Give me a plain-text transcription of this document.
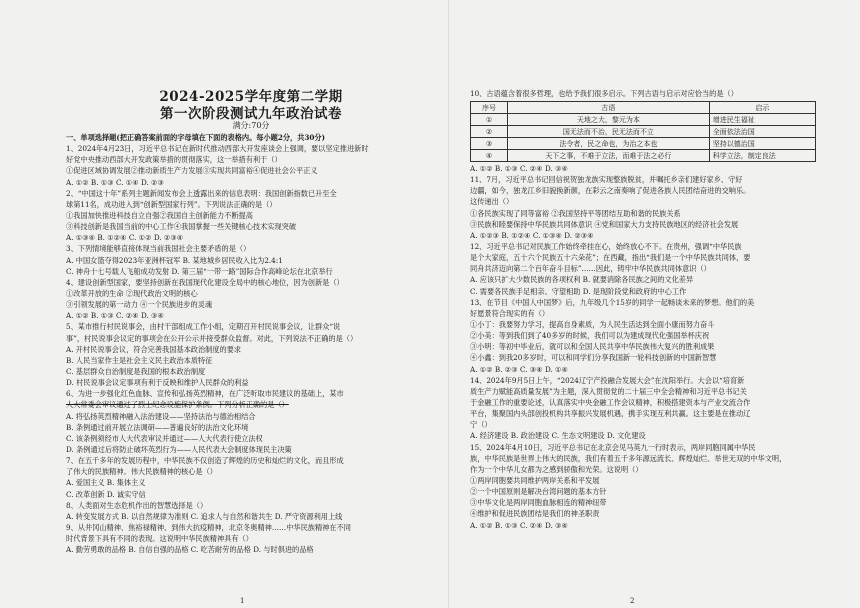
2024-2025学年度第二学期
第一次阶段测试九年政治试卷
满分:70分
一、单项选择题(把正确答案前面的字母填在下面的表格内。每小题2分，共30分)
1、2024年4月23日，习近平总书记在新时代推动西部大开发座谈会上强调，要以坚定推进新时
好党中央推动西部大开发政策举措的贯彻落实，这一举措有利于（）
①促进区域协调发展②推动新质生产力发展③实现共同富裕④促进社会公平正义
A. ①② B. ①③ C. ①④ D. ②③
2、“中国这十年”系列主题新闻发布会上透露出来的信息表明：我国创新指数已升至全
球第11名，成功进入到“创新型国家行列”。下列说法正确的是（）
①我国加快推进科技自立自强②我国自主创新能力不断提高
③科技创新是我国当前的中心工作④我国掌握一些关键核心技术实现突破
A. ①③④ B. ①②④ C. ①② D. ②③④
3、下列情境能够直接体现当前我国社会主要矛盾的是（）
A. 中国女篮夺得2023年亚洲杯冠军 B. 某地城乡居民收入比为2.4:1
C. 神舟十七号载人飞船成功发射 D. 第三届“一带一路”国际合作高峰论坛在北京举行
4、建设创新型国家，要坚持创新在我国现代化建设全局中的核心地位，因为创新是（）
①改革开放的生命 ②现代政治文明的核心
③引领发展的第一动力 ④一个民族进步的灵魂
A. ①② B. ①③ C. ②④ D. ③④
5、某市推行村民说事会，由村干部组成工作小组，定期召开村民说事会议，让群众“说
事”，村民说事会议定的事项会在公开公示并接受群众监督。对此，下列说法不正确的是（）
A. 开村民说事会议，符合完善我国基本政治制度的要求
B. 人民当家作主是社会主义民主政治本质特征
C. 基层群众自治制度是我国的根本政治制度
D. 村民说事会议定事项有利于反映和维护人民群众的利益
6、为进一步强化红色血脉、宣传和弘扬英烈精神，在广泛听取市民建议的基础上，某市
人大常委会审议通过了烈士纪念设施保护条例。下列分析正确的是（）
A. 将弘扬英烈精神融入法治建设——坚持法治与德治相结合
B. 条例通过前开展立法调研——普遍良好的法治文化环境
C. 该条例须经市人大代表审议并通过——人大代表行使立法权
D. 条例通过后将防止破坏英烈行为——人民代表大会制度体现民主决策
7、在五千多年的发展历程中，中华民族不仅创造了辉煌的历史和灿烂的文化，而且形成
了伟大的民族精神。伟大民族精神的核心是（）
A. 爱国主义 B. 集体主义
C. 改革创新 D. 诚实守信
8、人类面对生态危机作出的智慧选择是（）
A. 转变发展方式 B. 以自然规律为准则 C. 追求人与自然和谐共生 D. 严守资源利用上线
9、从井冈山精神、焦裕禄精神、到伟大抗疫精神，北京冬奥精神……中华民族精神在不同
时代背景下具有不同的表现。这说明中华民族精神具有（）
A. 勤劳勇敢的品格 B. 自信自强的品格 C. 吃苦耐劳的品格 D. 与时俱进的品格
1
10、古语蕴含着很多哲理，也给予我们很多启示。下列古语与启示对应恰当的是（）
序号	古语	启示
①	天地之大，黎元为本	增进民生福祉
②	国无法而不治，民无法而不立	全面依法治国
③	法令者，民之命也，为治之本也	坚持以德治国
④	天下之事，不难于立法，而难于法之必行	科学立法，制定良法
A. ①② B. ①③ C. ②④ D. ③④
11、7月，习近平总书记回信祝贺独龙族实现整族脱贫，并嘱托乡亲们建好家乡、守好
边疆，如今，独龙江乡旧貌换新颜，在彩云之南奏响了促进各族人民团结奋进的交响乐。
这传递出（）
①各民族实现了同等富裕 ②我国坚持平等团结互助和谐的民族关系
③民族和睦要保持中华民族共同体意识 ④党和国家大力支持民族地区的经济社会发展
A. ①②③ B. ①②④ C. ①③④ D. ②③④
12、习近平总书记对民族工作始终牵挂在心，始终放心不下。在贵州，强调“中华民族
是个大家庭，五十六个民族五十六朵花”；在西藏，指出“我们是一个中华民族共同体，要
同舟共济迈向第二个百年奋斗目标”……因此，铸牢中华民族共同体意识（）
A. 应该只扩大少数民族的各项权利 B. 就要消除各民族之间的文化差异
C. 需要各民族手足相亲、守望相助 D. 是现阶段党和政府的中心工作
13、在节目《中国人中国梦》后，九年级几个15岁的同学一起畅谈未来的梦想。他们的美
好愿景符合现实的有（）
①小丁：我要努力学习，提高自身素质，为人民生活达到全面小康而努力奋斗
②小美：等到我们到了40多岁的时候，我们可以为建成现代化强国举杯庆祝
③小明：等初中毕业后，就可以和全国人民共享中华民族伟大复兴的胜利成果
④小鑫：到我20多岁时，可以和同学们分享我国新一轮科技创新的中国新智慧
A. ①② B. ②③ C. ③④ D. ①④
14、2024年9月5日上午，“2024辽宁产投融合发展大会”在沈阳举行。大会以“培育新
质生产力赋能高质量发展”为主题，深入贯彻党的二十届三中全会精神和习近平总书记关
于金融工作的重要论述，认真落实中央金融工作会议精神，积极搭建资本与产业交流合作
平台，集聚国内头部创投机构共享振兴发展机遇，携手实现互利共赢。这主要是在推动辽
宁（）
A. 经济建设 B. 政治建设 C. 生态文明建设 D. 文化建设
15、2024年4月10日，习近平总书记在北京会见马英九一行时表示，两岸同胞同属中华民
族，中华民族是世界上伟大的民族，我们有着五千多年源远流长、辉煌灿烂、举世无双的中华文明，
作为一个中华儿女都为之感到骄傲和光荣。这说明（）
①两岸同胞要共同维护两岸关系和平发展
②一个中国原则是解决台湾问题的基本方针
③中华文化是两岸同胞血脉相连的精神纽带
④维护和促进民族团结是我们的神圣职责
A. ①② B. ①③ C. ②④ D. ③④
2
